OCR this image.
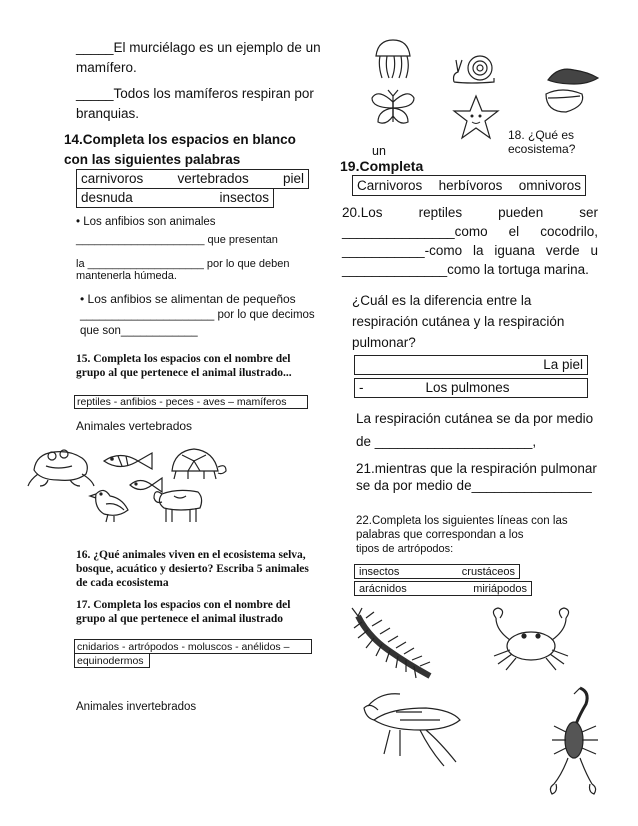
_____El murciélago es un ejemplo de un mamífero.
_____Todos los mamíferos respiran por branquias.
14.Completa los espacios en blanco con las siguientes palabras
carnivoros	vertebrados	piel
desnuda	insectos
• Los anfibios son animales
_____________________ que presentan
la ___________________ por lo que deben
mantenerla húmeda.
• Los anfibios se alimentan de pequeños
_____________________ por lo que decimos
que son____________
15. Completa los espacios con el nombre del grupo al que pertenece el animal ilustrado...
reptiles - anfibios - peces - aves – mamíferos
Animales vertebrados
16. ¿Qué animales viven en el ecosistema selva, bosque, acuático y desierto? Escriba 5 animales de cada ecosistema
17. Completa los espacios con el nombre del grupo al que pertenece el animal ilustrado
cnidarios - artrópodos - moluscos - anélidos –
equinodermos
Animales invertebrados
un
18. ¿Qué es ecosistema?
19.Completa
Carnivoros herbívoros omnivoros
20.Los reptiles pueden ser _______________como el cocodrilo, ___________-como la iguana verde u ______________como la tortuga marina.
¿Cuál es la diferencia entre la respiración cutánea y la respiración pulmonar?
La piel
-	Los pulmones
La respiración cutánea se da por medio de _____________________,
21.mientras que la respiración pulmonar se da por medio de________________
22.Completa los siguientes líneas con las palabras que correspondan a los
tipos de artrópodos:
insectos	crustáceos
arácnidos	miriápodos
